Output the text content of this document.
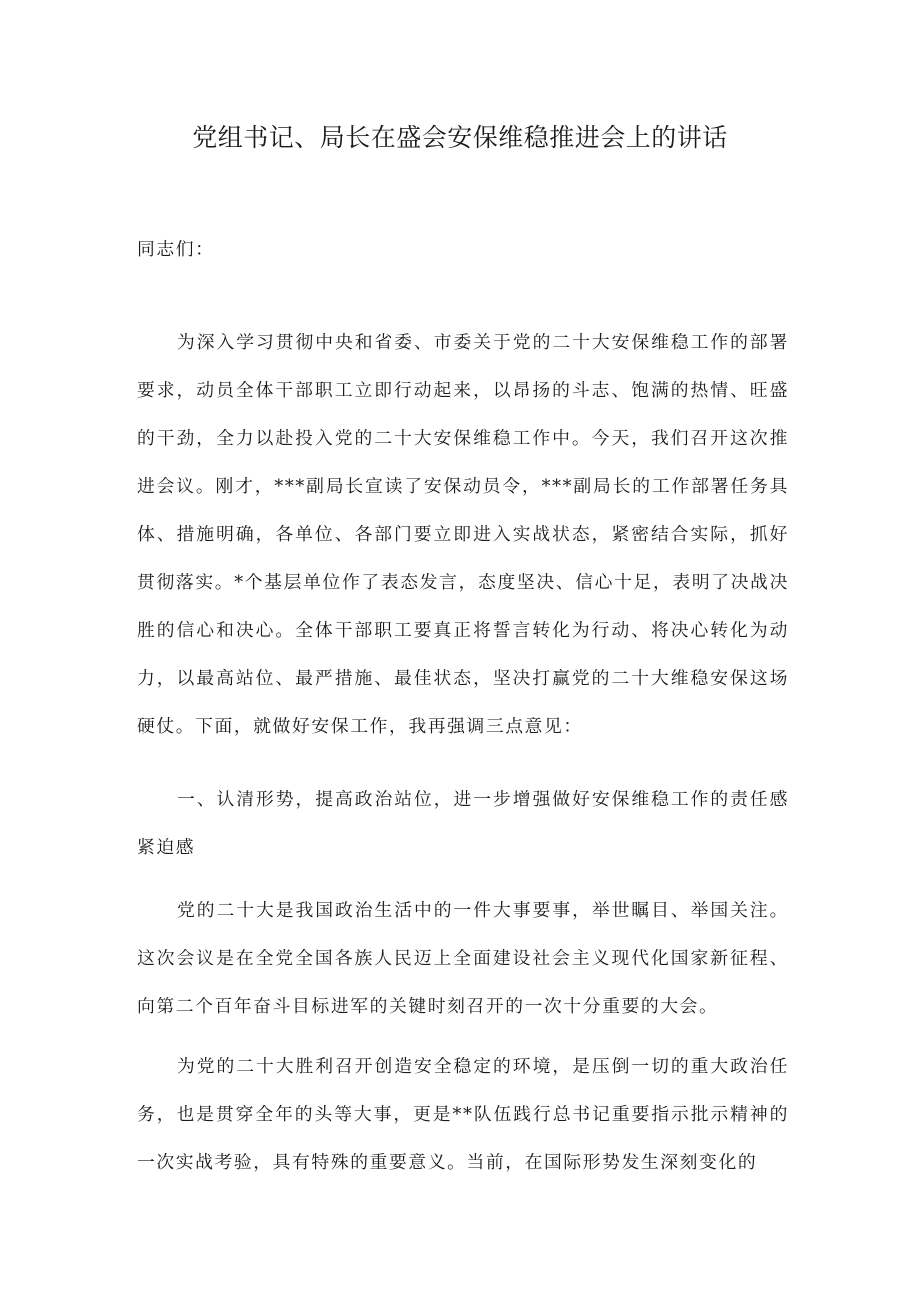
党组书记、局长在盛会安保维稳推进会上的讲话

同志们：

为深入学习贯彻中央和省委、市委关于党的二十大安保维稳工作的部署要求，动员全体干部职工立即行动起来，以昂扬的斗志、饱满的热情、旺盛的干劲，全力以赴投入党的二十大安保维稳工作中。今天，我们召开这次推进会议。刚才，***副局长宣读了安保动员令，***副局长的工作部署任务具体、措施明确，各单位、各部门要立即进入实战状态，紧密结合实际，抓好贯彻落实。*个基层单位作了表态发言，态度坚决、信心十足，表明了决战决胜的信心和决心。全体干部职工要真正将誓言转化为行动、将决心转化为动力，以最高站位、最严措施、最佳状态，坚决打赢党的二十大维稳安保这场硬仗。下面，就做好安保工作，我再强调三点意见：

一、认清形势，提高政治站位，进一步增强做好安保维稳工作的责任感紧迫感

党的二十大是我国政治生活中的一件大事要事，举世瞩目、举国关注。这次会议是在全党全国各族人民迈上全面建设社会主义现代化国家新征程、向第二个百年奋斗目标进军的关键时刻召开的一次十分重要的大会。

为党的二十大胜利召开创造安全稳定的环境，是压倒一切的重大政治任务，也是贯穿全年的头等大事，更是**队伍践行总书记重要指示批示精神的一次实战考验，具有特殊的重要意义。当前，在国际形势发生深刻变化的
